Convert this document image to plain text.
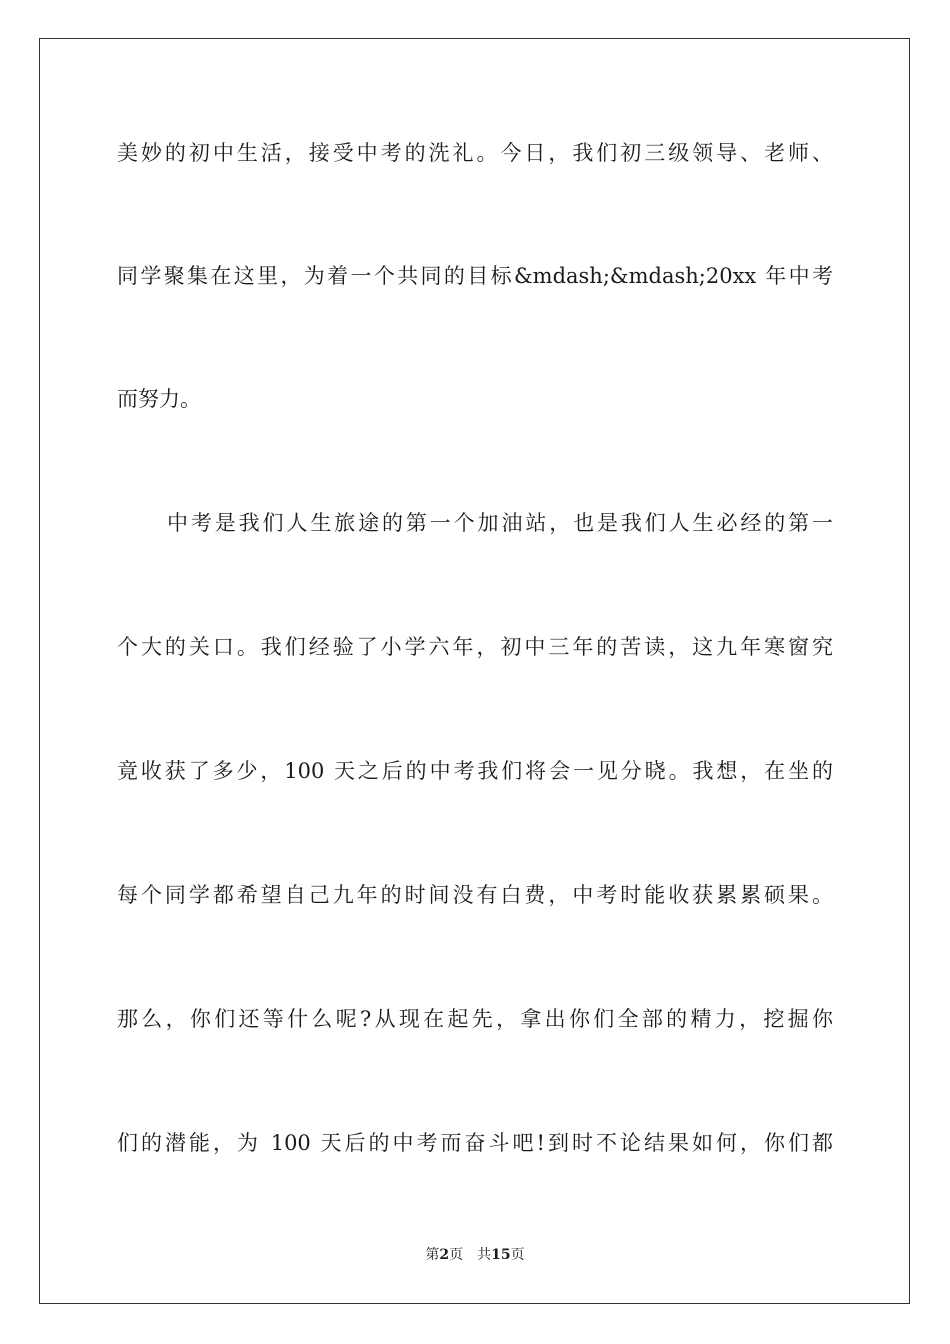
美妙的初中生活，接受中考的洗礼。今日，我们初三级领导、老师、
同学聚集在这里，为着一个共同的目标&mdash;&mdash;20xx 年中考
而努力。
中考是我们人生旅途的第一个加油站，也是我们人生必经的第一
个大的关口。我们经验了小学六年，初中三年的苦读，这九年寒窗究
竟收获了多少，100 天之后的中考我们将会一见分晓。我想，在坐的
每个同学都希望自己九年的时间没有白费，中考时能收获累累硕果。
那么，你们还等什么呢?从现在起先，拿出你们全部的精力，挖掘你
们的潜能，为 100 天后的中考而奋斗吧!到时不论结果如何，你们都
第2页 共15页
